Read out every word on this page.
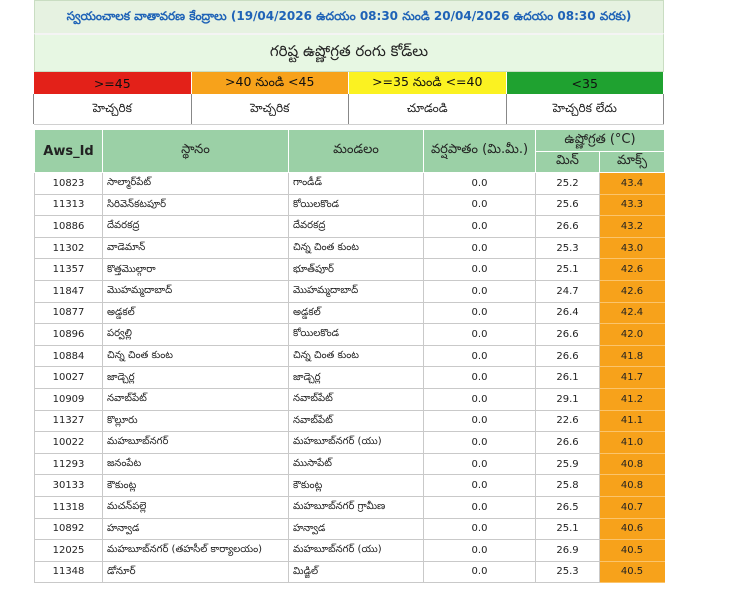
స్వయంచాలక వాతావరణ కేంద్రాలు (19/04/2026 ఉదయం 08:30 నుండి 20/04/2026 ఉదయం 08:30 వరకు)
గరిష్ట ఉష్ణోగ్రత రంగు కోడ్‌లు
>=45	>40 నుండి <45	>=35 నుండి <=40	<35
హెచ్చరిక	హెచ్చరిక	చూడండి	హెచ్చరిక లేదు
Aws_Id	స్థానం	మండలం	వర్షపాతం (మి.మీ.)	ఉష్ణోగ్రత (°C)	
				మిన్	మాక్స్
10823	సాల్మార్‌పేట్	గాండీడ్	0.0	25.2	43.4
11313	సిరివెన్‌కటపూర్	కోయిలకొండ	0.0	25.6	43.3
10886	దేవరకద్ర	దేవరకద్ర	0.0	26.6	43.2
11302	వాడెమాన్	చిన్న చింత కుంట	0.0	25.3	43.0
11357	కొత్తమొల్గారా	భూత్‌పూర్	0.0	25.1	42.6
11847	మొహమ్మదాబాద్	మొహమ్మదాబాద్	0.0	24.7	42.6
10877	అడ్డకల్	అడ్డకల్	0.0	26.4	42.4
10896	పర్వల్లి	కోయిలకొండ	0.0	26.6	42.0
10884	చిన్న చింత కుంట	చిన్న చింత కుంట	0.0	26.6	41.8
10027	జాడ్చెర్ల	జాడ్చెర్ల	0.0	26.1	41.7
10909	నవాబ్‌పేట్	నవాబ్‌పేట్	0.0	29.1	41.2
11327	కొల్లూరు	నవాబ్‌పేట్	0.0	22.6	41.1
10022	మహబూబ్‌నగర్	మహబూబ్‌నగర్ (యు)	0.0	26.6	41.0
11293	జనంపేట	ముసాపేట్	0.0	25.9	40.8
30133	కౌకుంట్ల	కౌకుంట్ల	0.0	25.8	40.8
11318	మచన్‌పల్లె	మహబూబ్‌నగర్ గ్రామీణ	0.0	26.5	40.7
10892	హన్వాడ	హన్వాడ	0.0	25.1	40.6
12025	మహబూబ్‌నగర్ (తహసీల్ కార్యాలయం)	మహబూబ్‌నగర్ (యు)	0.0	26.9	40.5
11348	డోనూర్	మిడ్జిల్	0.0	25.3	40.5
